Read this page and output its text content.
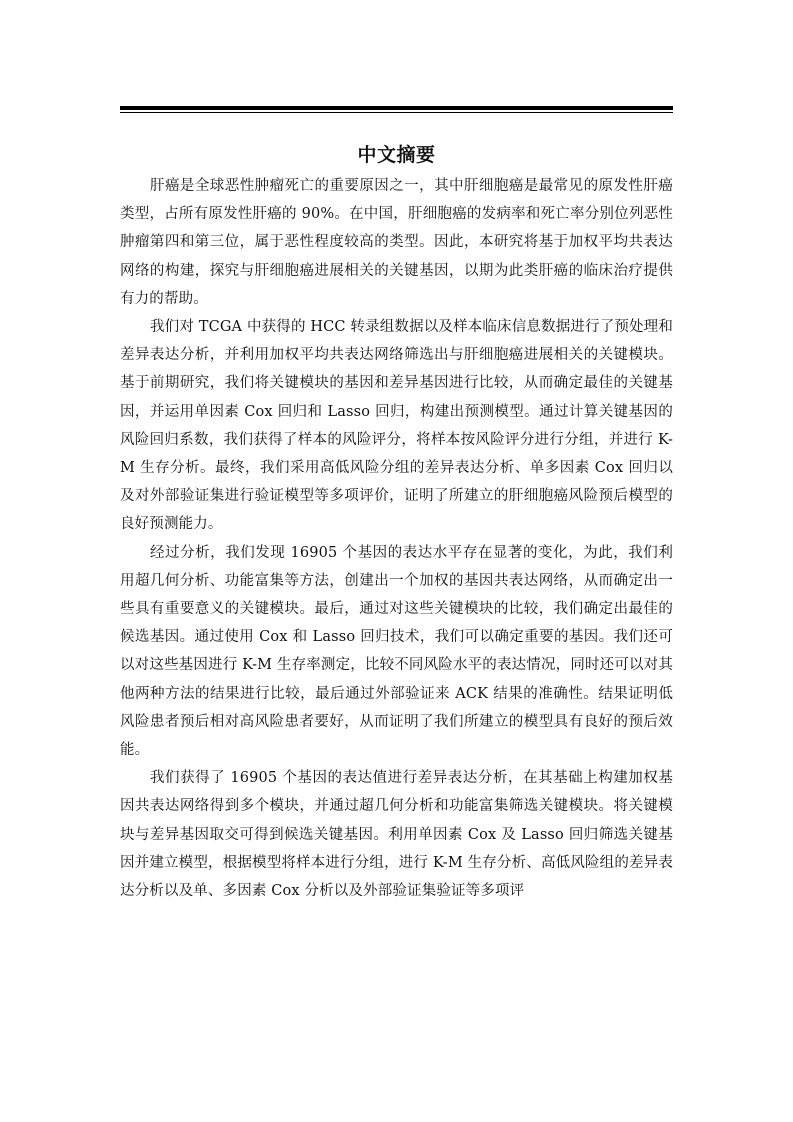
中文摘要

肝癌是全球恶性肿瘤死亡的重要原因之一，其中肝细胞癌是最常见的原发性肝癌类型，占所有原发性肝癌的 90%。在中国，肝细胞癌的发病率和死亡率分别位列恶性肿瘤第四和第三位，属于恶性程度较高的类型。因此，本研究将基于加权平均共表达网络的构建，探究与肝细胞癌进展相关的关键基因，以期为此类肝癌的临床治疗提供有力的帮助。

我们对 TCGA 中获得的 HCC 转录组数据以及样本临床信息数据进行了预处理和差异表达分析，并利用加权平均共表达网络筛选出与肝细胞癌进展相关的关键模块。基于前期研究，我们将关键模块的基因和差异基因进行比较，从而确定最佳的关键基因，并运用单因素 Cox 回归和 Lasso 回归，构建出预测模型。通过计算关键基因的风险回归系数，我们获得了样本的风险评分，将样本按风险评分进行分组，并进行 K-M 生存分析。最终，我们采用高低风险分组的差异表达分析、单多因素 Cox 回归以及对外部验证集进行验证模型等多项评价，证明了所建立的肝细胞癌风险预后模型的良好预测能力。

经过分析，我们发现 16905 个基因的表达水平存在显著的变化，为此，我们利用超几何分析、功能富集等方法，创建出一个加权的基因共表达网络，从而确定出一些具有重要意义的关键模块。最后，通过对这些关键模块的比较，我们确定出最佳的候选基因。通过使用 Cox 和 Lasso 回归技术，我们可以确定重要的基因。我们还可以对这些基因进行 K-M 生存率测定，比较不同风险水平的表达情况，同时还可以对其他两种方法的结果进行比较，最后通过外部验证来 ACK 结果的准确性。结果证明低风险患者预后相对高风险患者要好，从而证明了我们所建立的模型具有良好的预后效能。

我们获得了 16905 个基因的表达值进行差异表达分析，在其基础上构建加权基因共表达网络得到多个模块，并通过超几何分析和功能富集筛选关键模块。将关键模块与差异基因取交可得到候选关键基因。利用单因素 Cox 及 Lasso 回归筛选关键基因并建立模型，根据模型将样本进行分组，进行 K-M 生存分析、高低风险组的差异表达分析以及单、多因素 Cox 分析以及外部验证集验证等多项评
